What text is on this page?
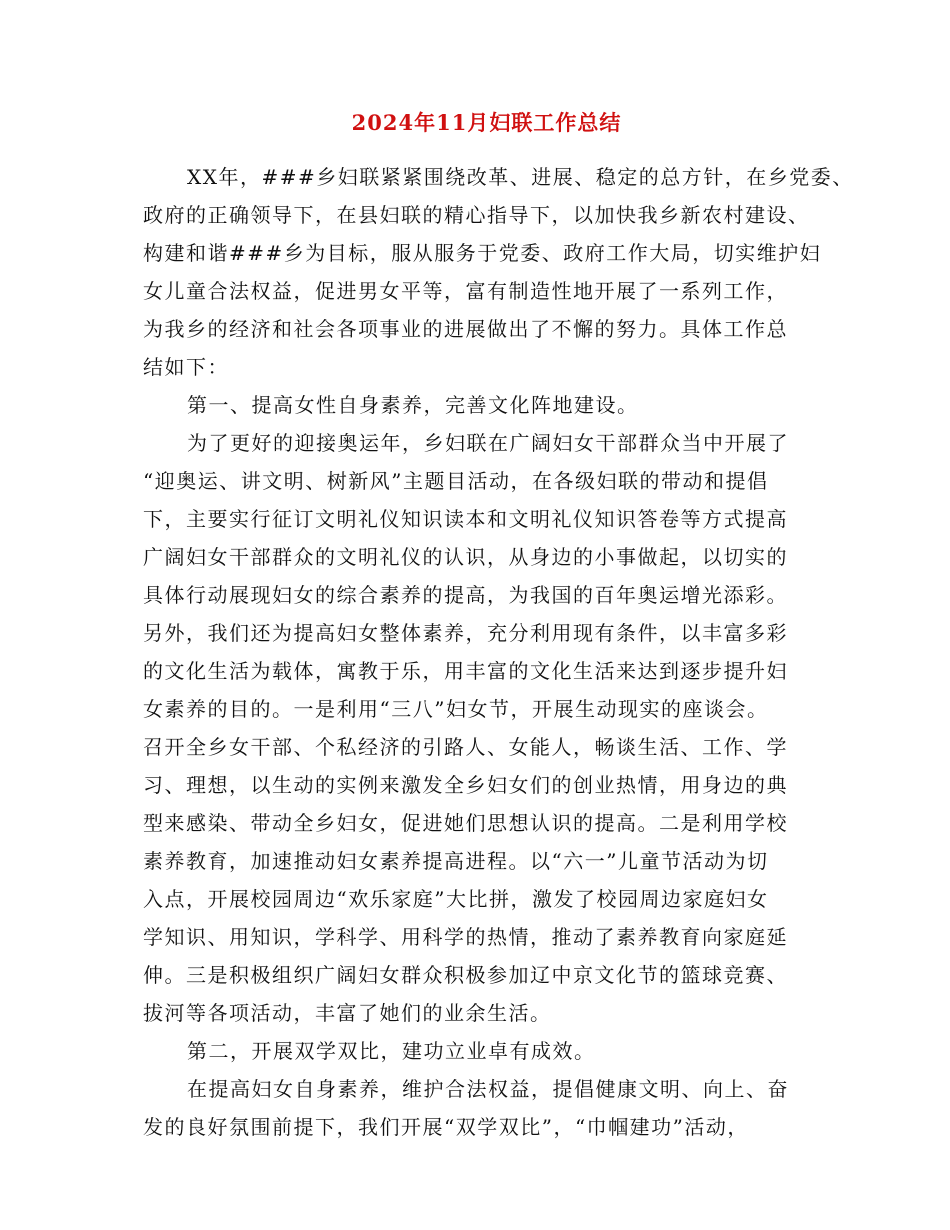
2024年11月妇联工作总结
XX年，###乡妇联紧紧围绕改革、进展、稳定的总方针，在乡党委、
政府的正确领导下，在县妇联的精心指导下，以加快我乡新农村建设、
构建和谐###乡为目标，服从服务于党委、政府工作大局，切实维护妇
女儿童合法权益，促进男女平等，富有制造性地开展了一系列工作，
为我乡的经济和社会各项事业的进展做出了不懈的努力。具体工作总
结如下：
第一、提高女性自身素养，完善文化阵地建设。
为了更好的迎接奥运年，乡妇联在广阔妇女干部群众当中开展了
“迎奥运、讲文明、树新风”主题目活动，在各级妇联的带动和提倡
下，主要实行征订文明礼仪知识读本和文明礼仪知识答卷等方式提高
广阔妇女干部群众的文明礼仪的认识，从身边的小事做起，以切实的
具体行动展现妇女的综合素养的提高，为我国的百年奥运增光添彩。
另外，我们还为提高妇女整体素养，充分利用现有条件，以丰富多彩
的文化生活为载体，寓教于乐，用丰富的文化生活来达到逐步提升妇
女素养的目的。一是利用“三八”妇女节，开展生动现实的座谈会。
召开全乡女干部、个私经济的引路人、女能人，畅谈生活、工作、学
习、理想，以生动的实例来激发全乡妇女们的创业热情，用身边的典
型来感染、带动全乡妇女，促进她们思想认识的提高。二是利用学校
素养教育，加速推动妇女素养提高进程。以“六一”儿童节活动为切
入点，开展校园周边“欢乐家庭”大比拼，激发了校园周边家庭妇女
学知识、用知识，学科学、用科学的热情，推动了素养教育向家庭延
伸。三是积极组织广阔妇女群众积极参加辽中京文化节的篮球竞赛、
拔河等各项活动，丰富了她们的业余生活。
第二，开展双学双比，建功立业卓有成效。
在提高妇女自身素养，维护合法权益，提倡健康文明、向上、奋
发的良好氛围前提下，我们开展“双学双比”，“巾帼建功”活动，
